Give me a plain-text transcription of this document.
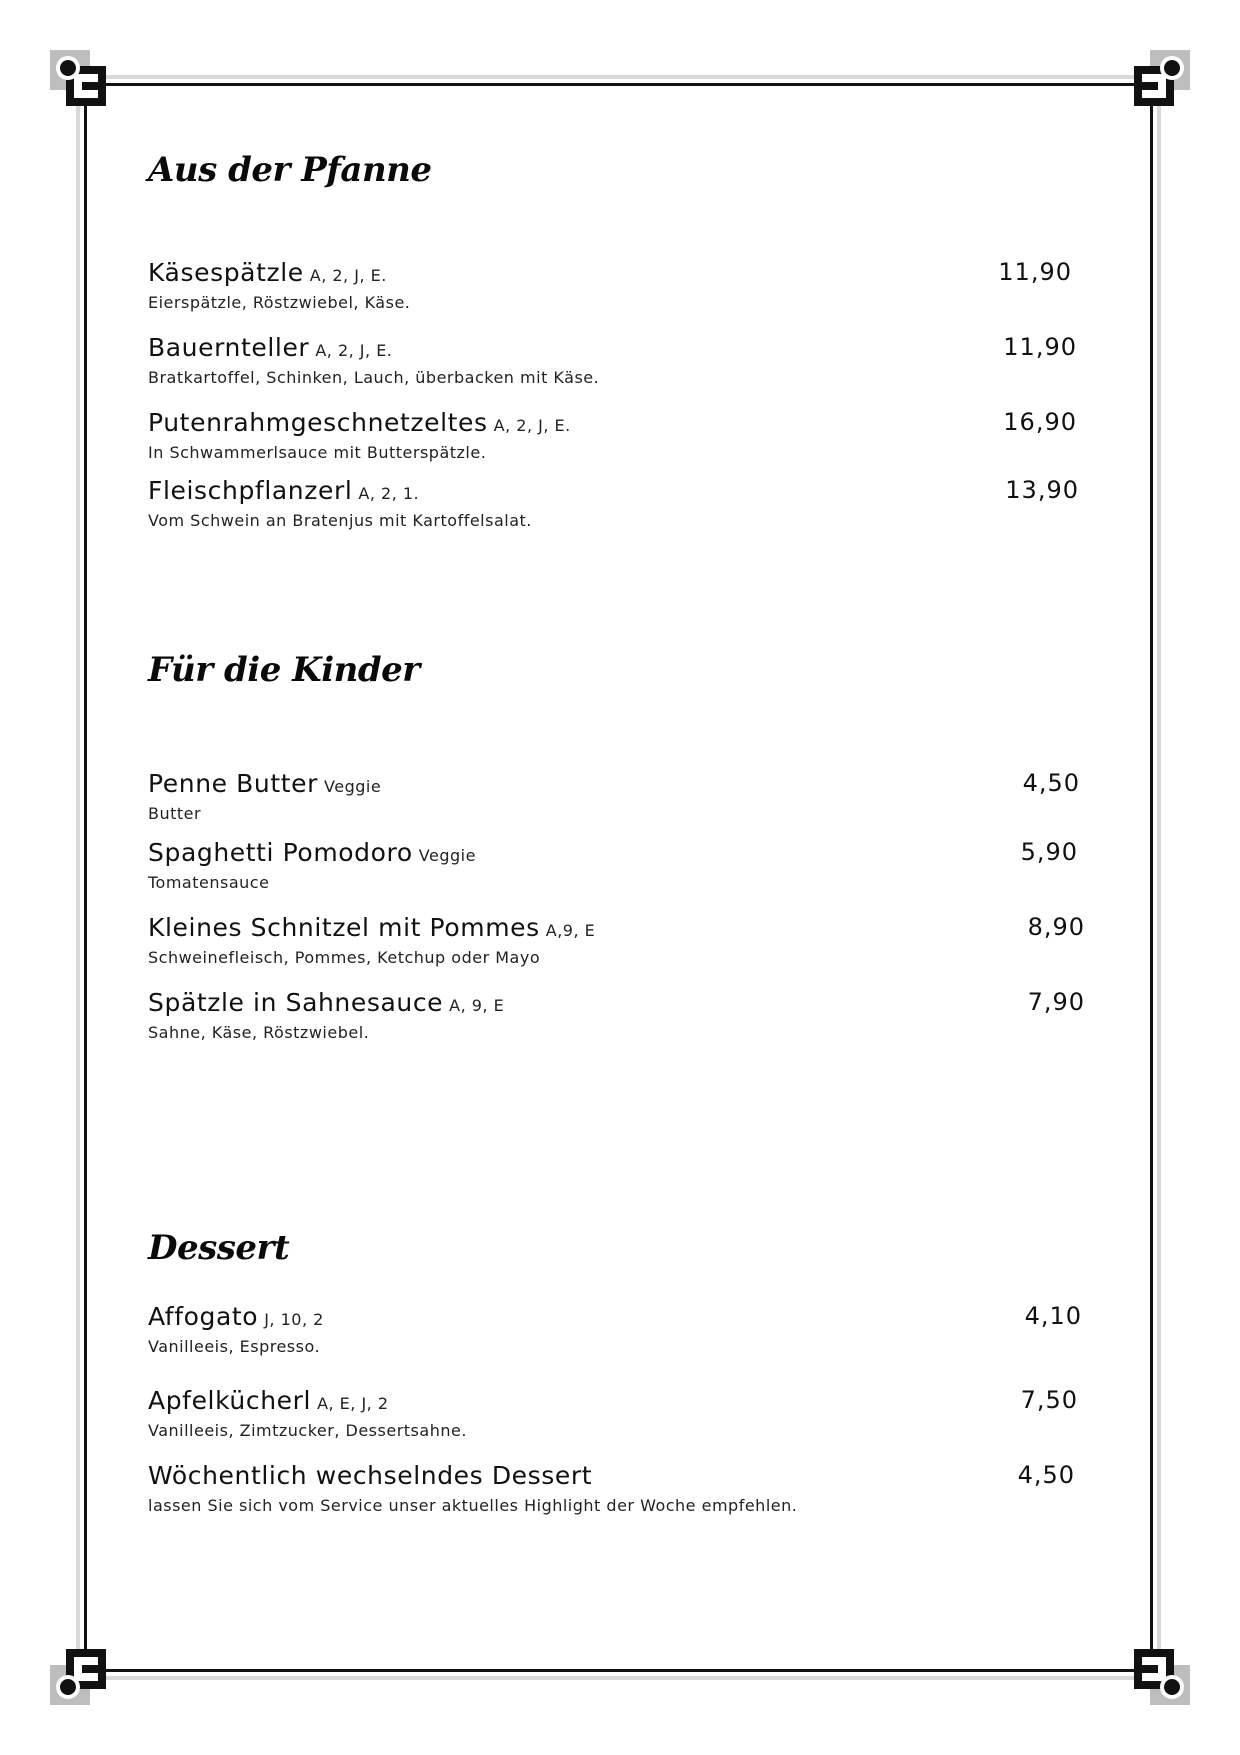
Aus der Pfanne
Käsespätzle A, 2, J, E.
Eierspätzle, Röstzwiebel, Käse.
11,90
Bauernteller A, 2, J, E.
Bratkartoffel, Schinken, Lauch, überbacken mit Käse.
11,90
Putenrahmgeschnetzeltes A, 2, J, E.
In Schwammerlsauce mit Butterspätzle.
16,90
Fleischpflanzerl A, 2, 1.
Vom Schwein an Bratenjus mit Kartoffelsalat.
13,90
Für die Kinder
Penne Butter Veggie
Butter
4,50
Spaghetti Pomodoro Veggie
Tomatensauce
5,90
Kleines Schnitzel mit Pommes A,9, E
Schweinefleisch, Pommes, Ketchup oder Mayo
8,90
Spätzle in Sahnesauce A, 9, E
Sahne, Käse, Röstzwiebel.
7,90
Dessert
Affogato J, 10, 2
Vanilleeis, Espresso.
4,10
Apfelkücherl A, E, J, 2
Vanilleeis, Zimtzucker, Dessertsahne.
7,50
Wöchentlich wechselndes Dessert
lassen Sie sich vom Service unser aktuelles Highlight der Woche empfehlen.
4,50
